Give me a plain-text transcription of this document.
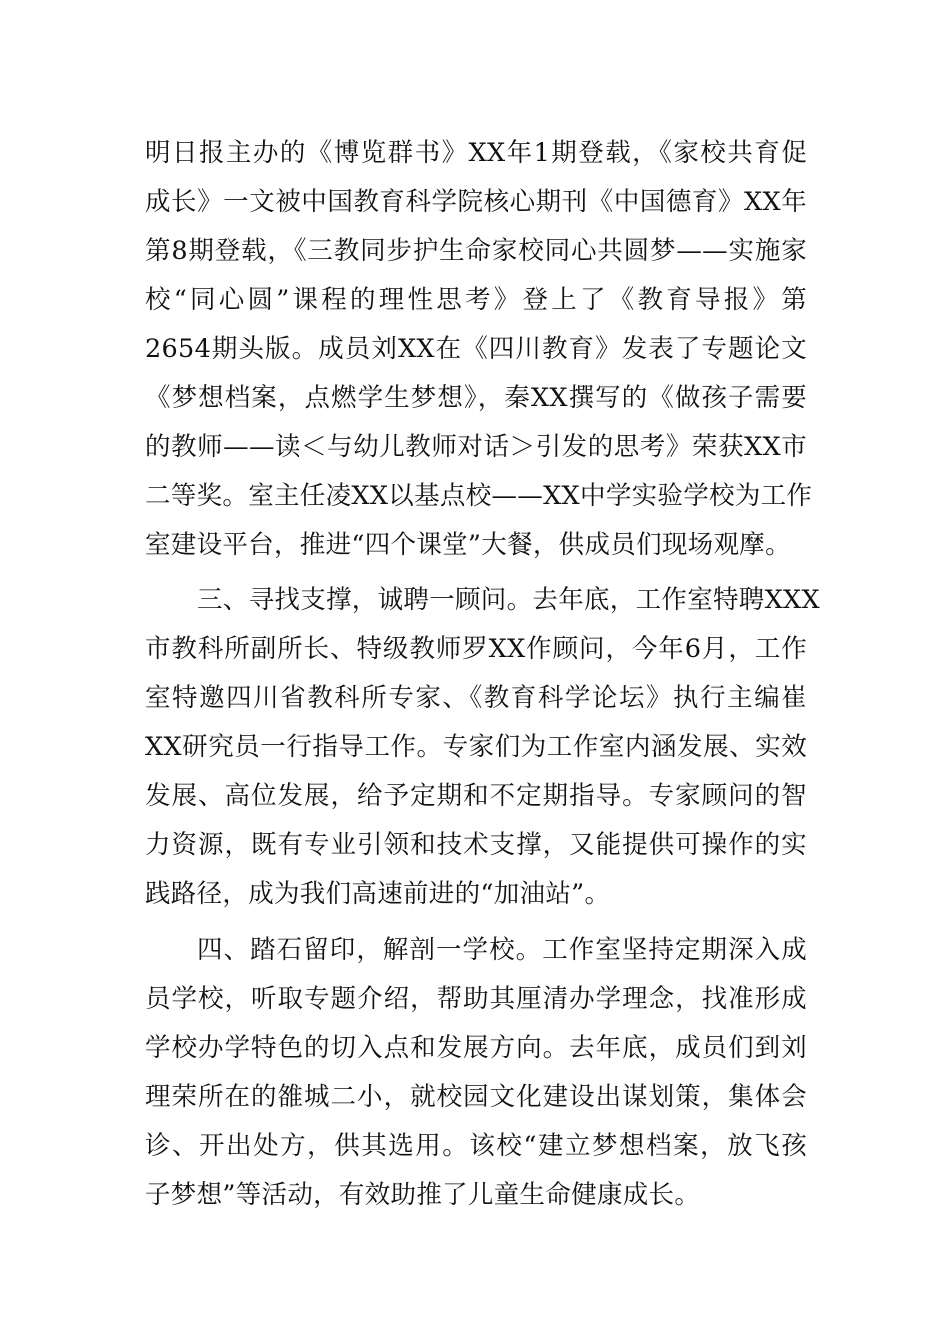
明日报主办的《博览群书》XX年1期登载，《家校共育促
成长》一文被中国教育科学院核心期刊《中国德育》XX年
第8期登载，《三教同步护生命家校同心共圆梦——实施家
校“同心圆”课程的理性思考》登上了《教育导报》第
2654期头版。成员刘XX在《四川教育》发表了专题论文
《梦想档案，点燃学生梦想》，秦XX撰写的《做孩子需要
的教师——读＜与幼儿教师对话＞引发的思考》荣获XX市
二等奖。室主任凌XX以基点校——XX中学实验学校为工作
室建设平台，推进“四个课堂”大餐，供成员们现场观摩。
三、寻找支撑，诚聘一顾问。去年底，工作室特聘XXX
市教科所副所长、特级教师罗XX作顾问，今年6月，工作
室特邀四川省教科所专家、《教育科学论坛》执行主编崔
XX研究员一行指导工作。专家们为工作室内涵发展、实效
发展、高位发展，给予定期和不定期指导。专家顾问的智
力资源，既有专业引领和技术支撑，又能提供可操作的实
践路径，成为我们高速前进的“加油站”。
四、踏石留印，解剖一学校。工作室坚持定期深入成
员学校，听取专题介绍，帮助其厘清办学理念，找准形成
学校办学特色的切入点和发展方向。去年底，成员们到刘
理荣所在的雒城二小，就校园文化建设出谋划策，集体会
诊、开出处方，供其选用。该校“建立梦想档案，放飞孩
子梦想”等活动，有效助推了儿童生命健康成长。
